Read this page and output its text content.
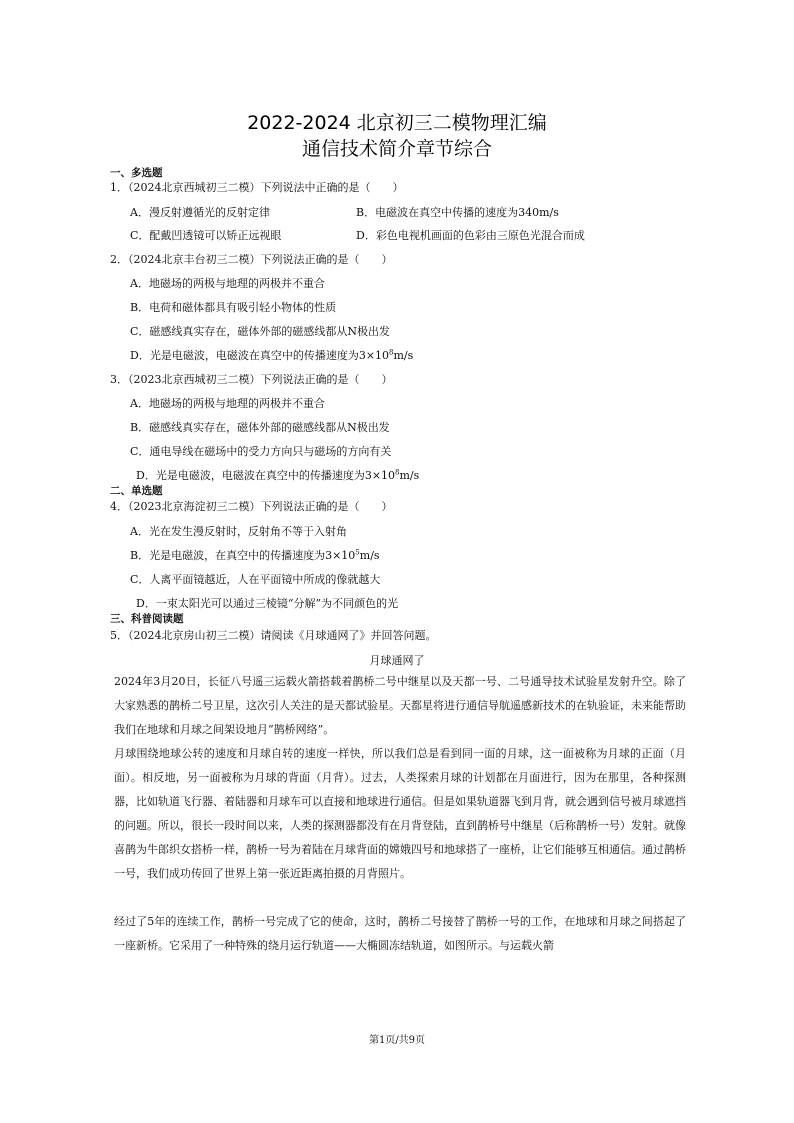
2022-2024 北京初三二模物理汇编
通信技术简介章节综合
一、多选题
1．（2024北京西城初三二模）下列说法中正确的是（　　）
A．漫反射遵循光的反射定律	B．电磁波在真空中传播的速度为340m/s
C．配戴凹透镜可以矫正远视眼	D．彩色电视机画面的色彩由三原色光混合而成
2．（2024北京丰台初三二模）下列说法正确的是（　　）
A．地磁场的两极与地理的两极并不重合
B．电荷和磁体都具有吸引轻小物体的性质
C．磁感线真实存在，磁体外部的磁感线都从N极出发
D．光是电磁波，电磁波在真空中的传播速度为$3\times 10^8m/s$
3．（2023北京西城初三二模）下列说法正确的是（　　）
A．地磁场的两极与地理的两极并不重合
B．磁感线真实存在，磁体外部的磁感线都从N极出发
C．通电导线在磁场中的受力方向只与磁场的方向有关
D．光是电磁波，电磁波在真空中的传播速度为$3\times 10^8m/s$
二、单选题
4．（2023北京海淀初三二模）下列说法正确的是（　　）
A．光在发生漫反射时，反射角不等于入射角
B．光是电磁波，在真空中的传播速度为$3\times 10^5m/s$
C．人离平面镜越近，人在平面镜中所成的像就越大
D．一束太阳光可以通过三棱镜“分解”为不同颜色的光
三、科普阅读题
5．（2024北京房山初三二模）请阅读《月球通网了》并回答问题。
月球通网了
2024年3月20日，长征八号遥三运载火箭搭载着鹊桥二号中继星以及天都一号、二号通导技术试验星发射升空。除了大家熟悉的鹊桥二号卫星，这次引人关注的是天都试验星。天都星将进行通信导航遥感新技术的在轨验证，未来能帮助我们在地球和月球之间架设地月“鹊桥网络”。
月球围绕地球公转的速度和月球自转的速度一样快，所以我们总是看到同一面的月球，这一面被称为月球的正面（月面）。相反地，另一面被称为月球的背面（月背）。过去，人类探索月球的计划都在月面进行，因为在那里，各种探测器，比如轨道飞行器、着陆器和月球车可以直接和地球进行通信。但是如果轨道器飞到月背，就会遇到信号被月球遮挡的问题。所以，很长一段时间以来，人类的探测器都没有在月背登陆，直到鹊桥号中继星（后称鹊桥一号）发射。就像喜鹊为牛郎织女搭桥一样，鹊桥一号为着陆在月球背面的嫦娥四号和地球搭了一座桥，让它们能够互相通信。通过鹊桥一号，我们成功传回了世界上第一张近距离拍摄的月背照片。
经过了5年的连续工作，鹊桥一号完成了它的使命，这时，鹊桥二号接替了鹊桥一号的工作，在地球和月球之间搭起了一座新桥。它采用了一种特殊的绕月运行轨道——大椭圆冻结轨道，如图所示。与运载火箭
第1页/共9页
